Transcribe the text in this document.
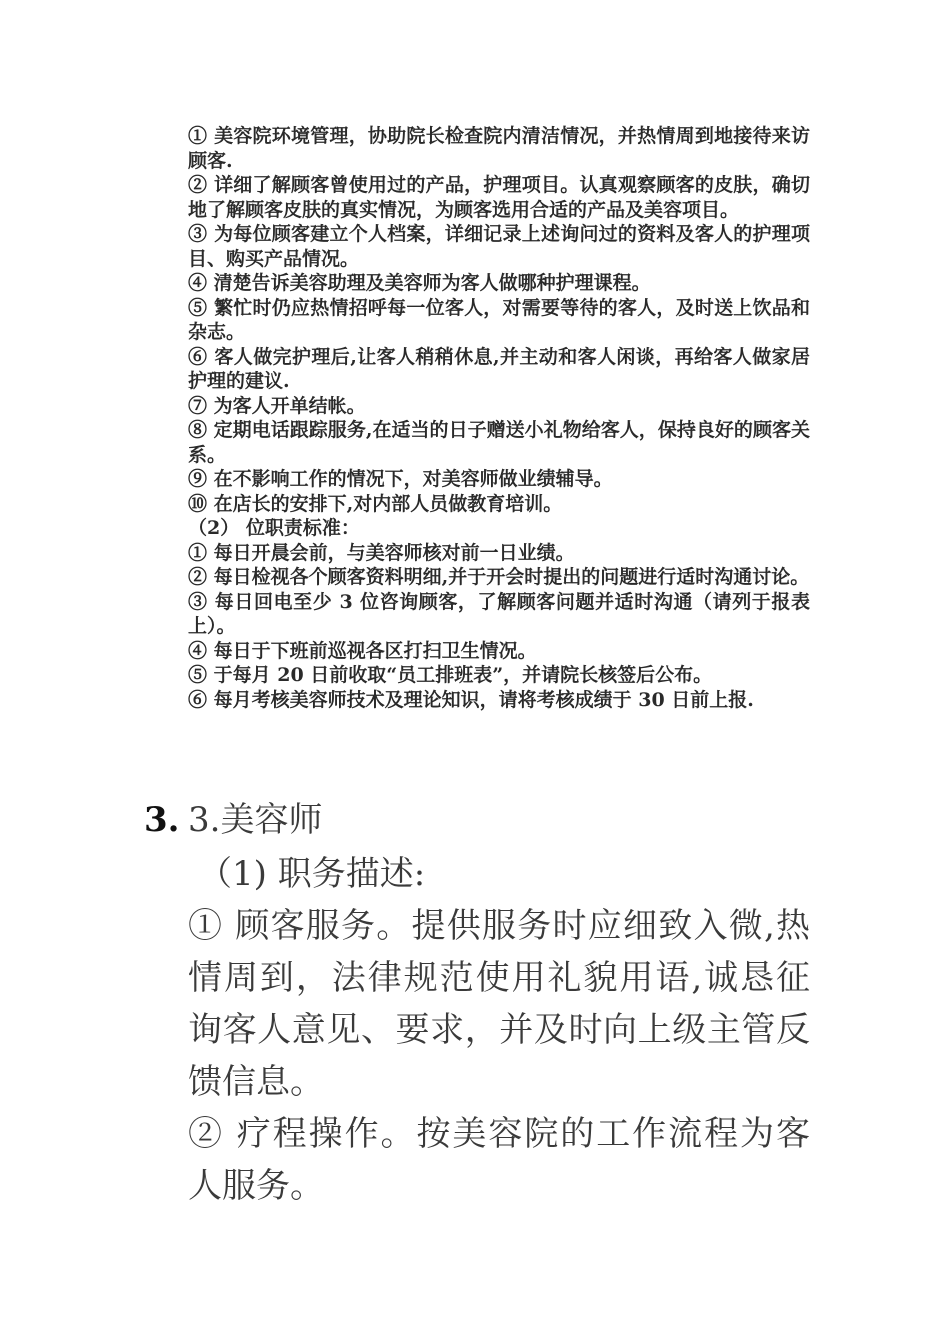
① 美容院环境管理，协助院长检查院内清洁情况，并热情周到地接待来访顾客.

② 详细了解顾客曾使用过的产品，护理项目。认真观察顾客的皮肤，确切地了解顾客皮肤的真实情况，为顾客选用合适的产品及美容项目。

③ 为每位顾客建立个人档案，详细记录上述询问过的资料及客人的护理项目、购买产品情况。

④ 清楚告诉美容助理及美容师为客人做哪种护理课程。

⑤ 繁忙时仍应热情招呼每一位客人，对需要等待的客人，及时送上饮品和杂志。

⑥ 客人做完护理后,让客人稍稍休息,并主动和客人闲谈，再给客人做家居护理的建议.

⑦ 为客人开单结帐。

⑧ 定期电话跟踪服务,在适当的日子赠送小礼物给客人，保持良好的顾客关系。

⑨ 在不影响工作的情况下，对美容师做业绩辅导。

⑩ 在店长的安排下,对内部人员做教育培训。

（2） 位职责标准：

① 每日开晨会前，与美容师核对前一日业绩。

② 每日检视各个顾客资料明细,并于开会时提出的问题进行适时沟通讨论。

③ 每日回电至少 3 位咨询顾客，了解顾客问题并适时沟通（请列于报表上）。

④ 每日于下班前巡视各区打扫卫生情况。

⑤ 于每月 20 日前收取“员工排班表”，并请院长核签后公布。

⑥ 每月考核美容师技术及理论知识，请将考核成绩于 30 日前上报.

3. 3.美容师

（1) 职务描述:

① 顾客服务。提供服务时应细致入微,热情周到，法律规范使用礼貌用语,诚恳征询客人意见、要求，并及时向上级主管反馈信息。

② 疗程操作。按美容院的工作流程为客人服务。
